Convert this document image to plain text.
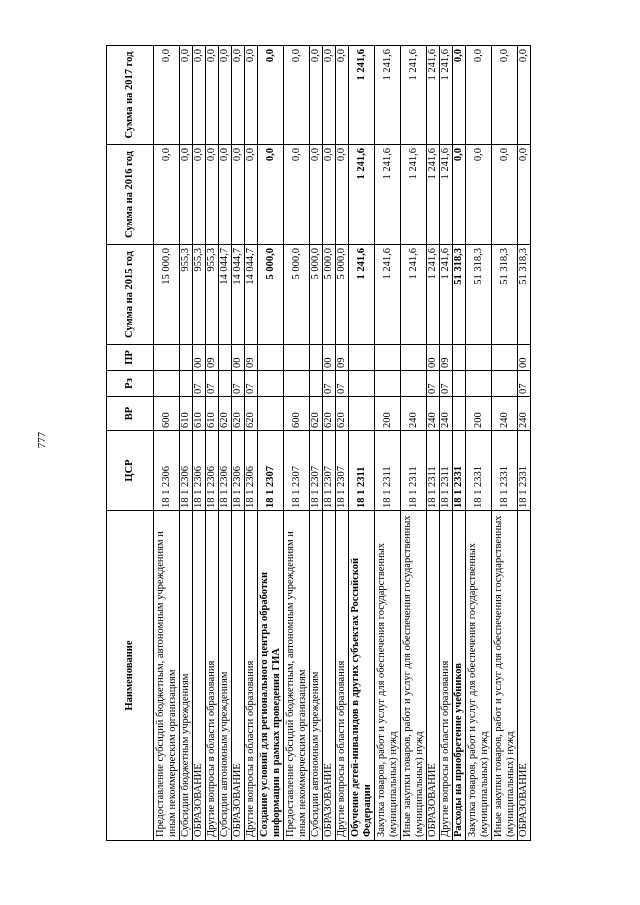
777
Наименование	ЦСР	ВР	Рз	ПР	Сумма на 2015 год	Сумма на 2016 год	Сумма на 2017 год
Предоставление субсидий бюджетным, автономным учреждениям и иным некоммерческим организациям	18 1 2306	600			15 000,0	0,0	0,0
Субсидии бюджетным учреждениям	18 1 2306	610			955,3	0,0	0,0
ОБРАЗОВАНИЕ	18 1 2306	610	07	00	955,3	0,0	0,0
Другие вопросы в области образования	18 1 2306	610	07	09	955,3	0,0	0,0
Субсидии автономным учреждениям	18 1 2306	620			14 044,7	0,0	0,0
ОБРАЗОВАНИЕ	18 1 2306	620	07	00	14 044,7	0,0	0,0
Другие вопросы в области образования	18 1 2306	620	07	09	14 044,7	0,0	0,0
Создание условий для регионального центра обработки информации в рамках проведения ГИА	18 1 2307				5 000,0	0,0	0,0
Предоставление субсидий бюджетным, автономным учреждениям и иным некоммерческим организациям	18 1 2307	600			5 000,0	0,0	0,0
Субсидии автономным учреждениям	18 1 2307	620			5 000,0	0,0	0,0
ОБРАЗОВАНИЕ	18 1 2307	620	07	00	5 000,0	0,0	0,0
Другие вопросы в области образования	18 1 2307	620	07	09	5 000,0	0,0	0,0
Обучение детей-инвалидов в других субъектах Российской Федерации	18 1 2311				1 241,6	1 241,6	1 241,6
Закупка товаров, работ и услуг для обеспечения государственных (муниципальных) нужд	18 1 2311	200			1 241,6	1 241,6	1 241,6
Иные закупки товаров, работ и услуг для обеспечения государственных (муниципальных) нужд	18 1 2311	240			1 241,6	1 241,6	1 241,6
ОБРАЗОВАНИЕ	18 1 2311	240	07	00	1 241,6	1 241,6	1 241,6
Другие вопросы в области образования	18 1 2311	240	07	09	1 241,6	1 241,6	1 241,6
Расходы на приобретение учебников	18 1 2331				51 318,3	0,0	0,0
Закупка товаров, работ и услуг для обеспечения государственных (муниципальных) нужд	18 1 2331	200			51 318,3	0,0	0,0
Иные закупки товаров, работ и услуг для обеспечения государственных (муниципальных) нужд	18 1 2331	240			51 318,3	0,0	0,0
ОБРАЗОВАНИЕ	18 1 2331	240	07	00	51 318,3	0,0	0,0
